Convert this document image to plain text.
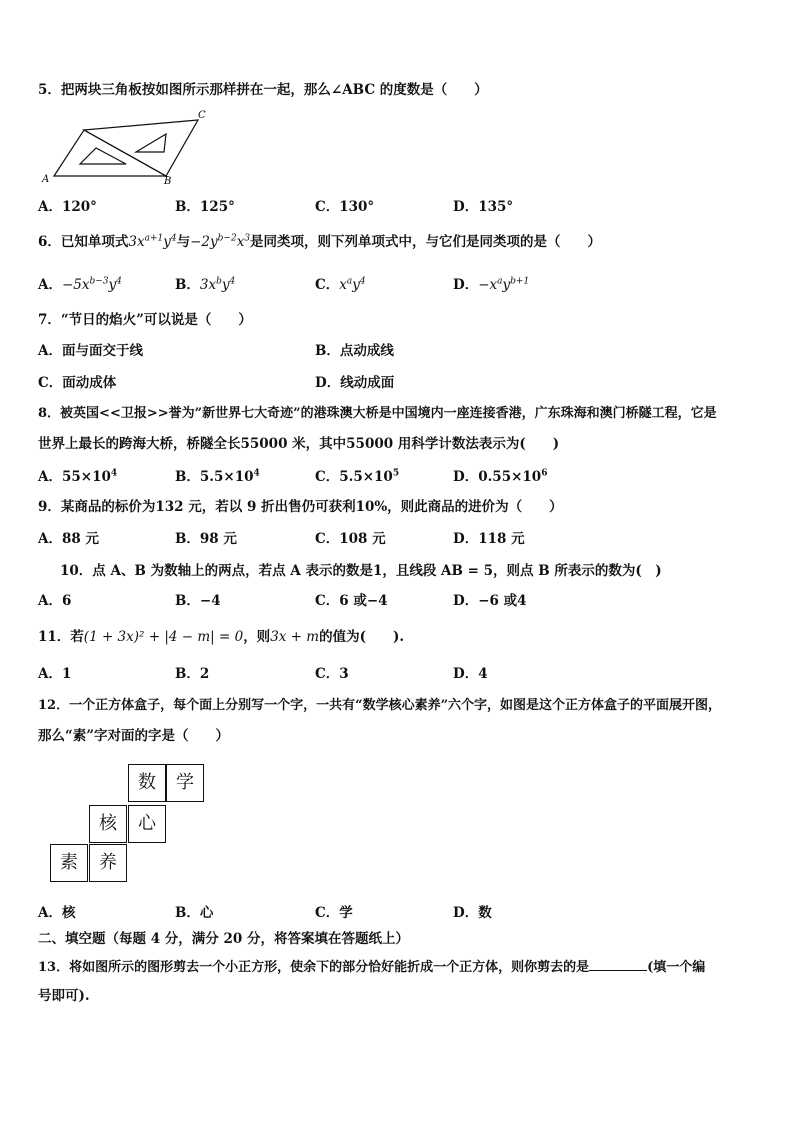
5．把两块三角板按如图所示那样拼在一起，那么∠ABC 的度数是（　　）
A	B
C
A．120°	B．125°	C．130°	D．135°
6．已知单项式$3x^{a+1}y^4$与$-2y^{b-2}x^3$是同类项，则下列单项式中，与它们是同类项的是（　　）
A．$-5x^{b-3}y^4$	B．$3x^by^4$	C．$x^ay^4$	D．$-x^ay^{b+1}$
7．“节日的焰火”可以说是（　　）
A．面与面交于线	B．点动成线
C．面动成体	D．线动成面
8．被英国<<卫报>>誉为”新世界七大奇迹”的港珠澳大桥是中国境内一座连接香港，广东珠海和澳门桥隧工程，它是
世界上最长的跨海大桥，桥隧全长55000 米，其中55000 用科学计数法表示为(　　)
A．$55\times 10^4$	B．$5.5\times 10^4$	C．$5.5\times 10^5$	D．$0.55\times 10^6$
9．某商品的标价为132 元，若以 9 折出售仍可获利10%，则此商品的进价为（　　）
A．88 元	B．98 元	C．108 元	D．118 元
10．点 A、B 为数轴上的两点，若点 A 表示的数是1，且线段 AB = 5，则点 B 所表示的数为(　)
A．6	B．−4	C．6 或−4	D．−6 或4
11．若(1 + 3x)² + |4 − m| = 0，则3x + m的值为(　　).
A．1	B．2	C．3	D．4
12．一个正方体盒子，每个面上分别写一个字，一共有“数学核心素养”六个字，如图是这个正方体盒子的平面展开图，
那么“素”字对面的字是（　　）
数	学
核	心
素	养
A．核	B．心	C．学	D．数
二、填空题（每题 4 分，满分 20 分，将答案填在答题纸上）
13．将如图所示的图形剪去一个小正方形，使余下的部分恰好能折成一个正方体，则你剪去的是	(填一个编
号即可).
